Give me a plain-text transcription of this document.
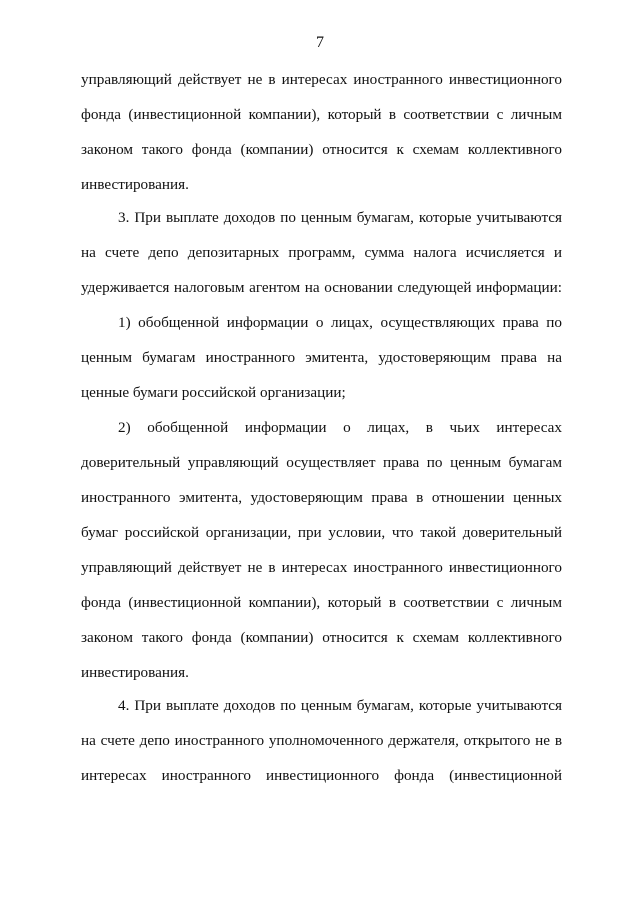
7
управляющий действует не в интересах иностранного инвестиционного
фонда (инвестиционной компании), который в соответствии с личным
законом такого фонда (компании) относится к схемам коллективного
инвестирования.
3. При выплате доходов по ценным бумагам, которые учитываются
на счете депо депозитарных программ, сумма налога исчисляется и
удерживается налоговым агентом на основании следующей информации:
1) обобщенной информации о лицах, осуществляющих права по
ценным бумагам иностранного эмитента, удостоверяющим права на
ценные бумаги российской организации;
2) обобщенной информации о лицах, в чьих интересах
доверительный управляющий осуществляет права по ценным бумагам
иностранного эмитента, удостоверяющим права в отношении ценных
бумаг российской организации, при условии, что такой доверительный
управляющий действует не в интересах иностранного инвестиционного
фонда (инвестиционной компании), который в соответствии с личным
законом такого фонда (компании) относится к схемам коллективного
инвестирования.
4. При выплате доходов по ценным бумагам, которые учитываются
на счете депо иностранного уполномоченного держателя, открытого не в
интересах иностранного инвестиционного фонда (инвестиционной
